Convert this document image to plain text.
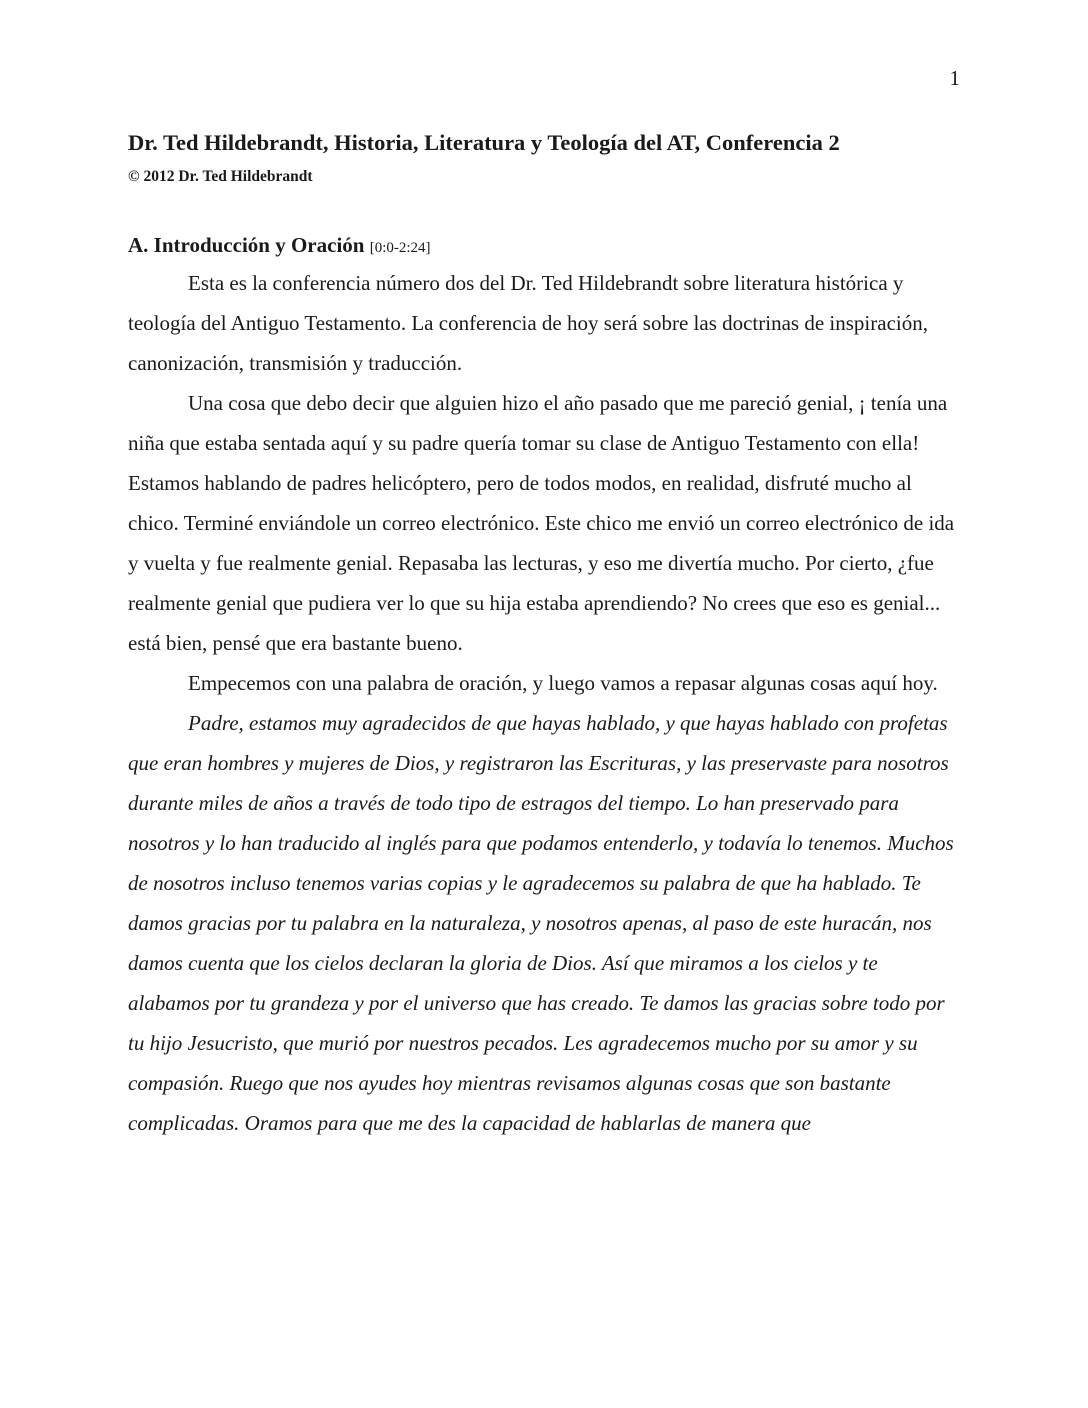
1
Dr. Ted Hildebrandt, Historia, Literatura y Teología del AT, Conferencia 2

© 2012 Dr. Ted Hildebrandt

A. Introducción y Oración [0:0-2:24]

Esta es la conferencia número dos del Dr. Ted Hildebrandt sobre literatura histórica y teología del Antiguo Testamento. La conferencia de hoy será sobre las doctrinas de inspiración, canonización, transmisión y traducción.

Una cosa que debo decir que alguien hizo el año pasado que me pareció genial, ¡ tenía una niña que estaba sentada aquí y su padre quería tomar su clase de Antiguo Testamento con ella! Estamos hablando de padres helicóptero, pero de todos modos, en realidad, disfruté mucho al chico. Terminé enviándole un correo electrónico. Este chico me envió un correo electrónico de ida y vuelta y fue realmente genial. Repasaba las lecturas, y eso me divertía mucho. Por cierto, ¿fue realmente genial que pudiera ver lo que su hija estaba aprendiendo? No crees que eso es genial... está bien, pensé que era bastante bueno.

Empecemos con una palabra de oración, y luego vamos a repasar algunas cosas aquí hoy.

Padre, estamos muy agradecidos de que hayas hablado, y que hayas hablado con profetas que eran hombres y mujeres de Dios, y registraron las Escrituras, y las preservaste para nosotros durante miles de años a través de todo tipo de estragos del tiempo. Lo han preservado para nosotros y lo han traducido al inglés para que podamos entenderlo, y todavía lo tenemos. Muchos de nosotros incluso tenemos varias copias y le agradecemos su palabra de que ha hablado. Te damos gracias por tu palabra en la naturaleza, y nosotros apenas, al paso de este huracán, nos damos cuenta que los cielos declaran la gloria de Dios. Así que miramos a los cielos y te alabamos por tu grandeza y por el universo que has creado. Te damos las gracias sobre todo por tu hijo Jesucristo, que murió por nuestros pecados. Les agradecemos mucho por su amor y su compasión. Ruego que nos ayudes hoy mientras revisamos algunas cosas que son bastante complicadas. Oramos para que me des la capacidad de hablarlas de manera que
